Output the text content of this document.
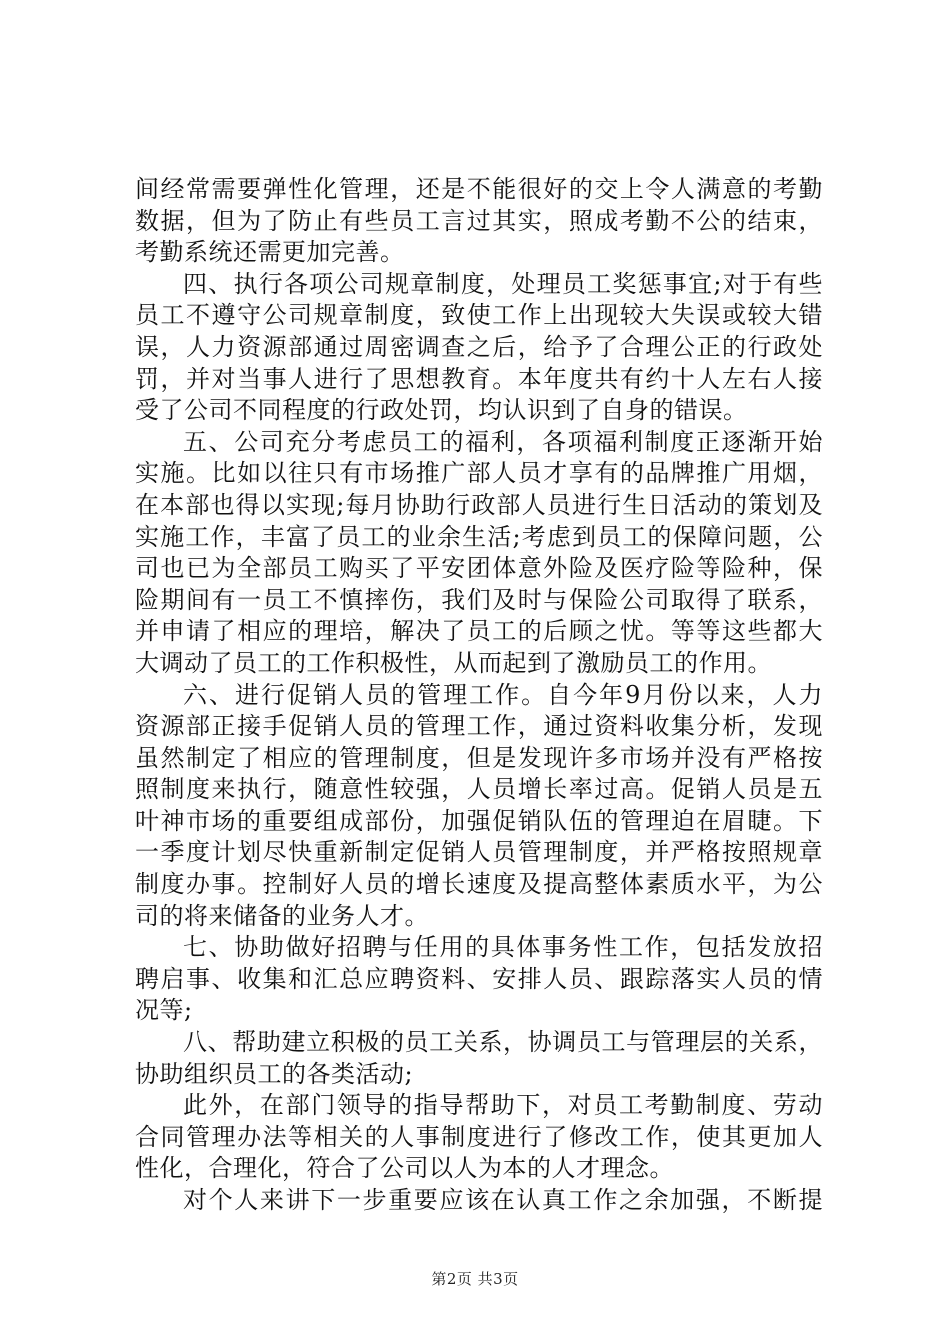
间经常需要弹性化管理，还是不能很好的交上令人满意的考勤
数据，但为了防止有些员工言过其实，照成考勤不公的结束，
考勤系统还需更加完善。
四、执行各项公司规章制度，处理员工奖惩事宜;对于有些
员工不遵守公司规章制度，致使工作上出现较大失误或较大错
误，人力资源部通过周密调查之后，给予了合理公正的行政处
罚，并对当事人进行了思想教育。本年度共有约十人左右人接
受了公司不同程度的行政处罚，均认识到了自身的错误。
五、公司充分考虑员工的福利，各项福利制度正逐渐开始
实施。比如以往只有市场推广部人员才享有的品牌推广用烟，
在本部也得以实现;每月协助行政部人员进行生日活动的策划及
实施工作，丰富了员工的业余生活;考虑到员工的保障问题，公
司也已为全部员工购买了平安团体意外险及医疗险等险种，保
险期间有一员工不慎摔伤，我们及时与保险公司取得了联系，
并申请了相应的理培，解决了员工的后顾之忧。等等这些都大
大调动了员工的工作积极性，从而起到了激励员工的作用。
六、进行促销人员的管理工作。自今年9月份以来，人力
资源部正接手促销人员的管理工作，通过资料收集分析，发现
虽然制定了相应的管理制度，但是发现许多市场并没有严格按
照制度来执行，随意性较强，人员增长率过高。促销人员是五
叶神市场的重要组成部份，加强促销队伍的管理迫在眉睫。下
一季度计划尽快重新制定促销人员管理制度，并严格按照规章
制度办事。控制好人员的增长速度及提高整体素质水平，为公
司的将来储备的业务人才。
七、协助做好招聘与任用的具体事务性工作，包括发放招
聘启事、收集和汇总应聘资料、安排人员、跟踪落实人员的情
况等;
八、帮助建立积极的员工关系，协调员工与管理层的关系，
协助组织员工的各类活动;
此外，在部门领导的指导帮助下，对员工考勤制度、劳动
合同管理办法等相关的人事制度进行了修改工作，使其更加人
性化，合理化，符合了公司以人为本的人才理念。
对个人来讲下一步重要应该在认真工作之余加强，不断提
第2页 共3页
